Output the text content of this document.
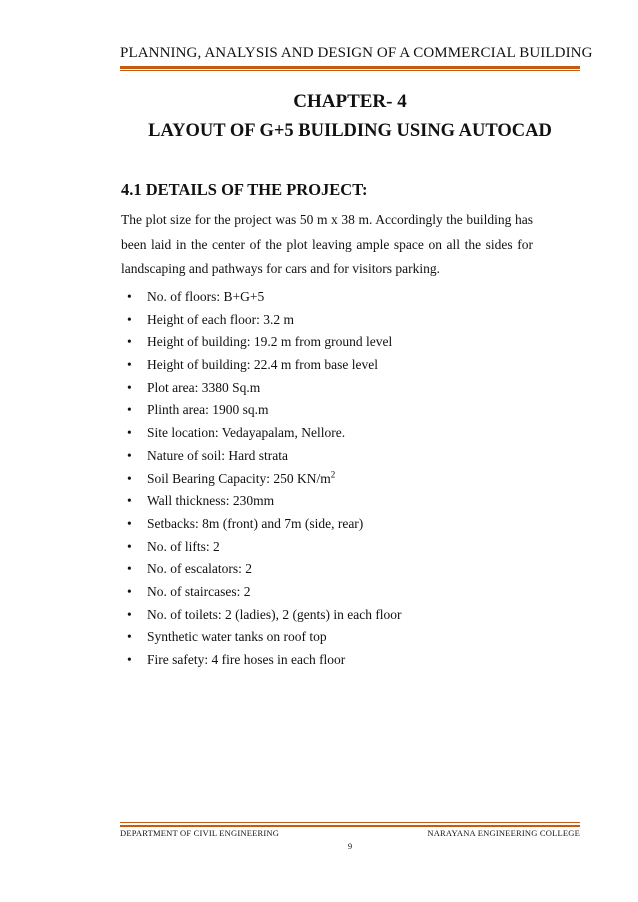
PLANNING, ANALYSIS AND DESIGN OF A COMMERCIAL BUILDING
CHAPTER- 4
LAYOUT OF G+5 BUILDING USING AUTOCAD
4.1 DETAILS OF THE PROJECT:
The plot size for the project was 50 m x 38 m. Accordingly the building has been laid in the center of the plot leaving ample space on all the sides for landscaping and pathways for cars and for visitors parking.
• No. of floors: B+G+5
• Height of each floor: 3.2 m
• Height of building: 19.2 m from ground level
• Height of building: 22.4 m from base level
• Plot area: 3380 Sq.m
• Plinth area: 1900 sq.m
• Site location: Vedayapalam, Nellore.
• Nature of soil: Hard strata
• Soil Bearing Capacity: 250 $KN/m^2$
• Wall thickness: 230mm
• Setbacks: 8m (front) and 7m (side, rear)
• No. of lifts: 2
• No. of escalators: 2
• No. of staircases: 2
• No. of toilets: 2 (ladies), 2 (gents) in each floor
• Synthetic water tanks on roof top
• Fire safety: 4 fire hoses in each floor
DEPARTMENT OF CIVIL ENGINEERING	NARAYANA ENGINEERING COLLEGE
9
